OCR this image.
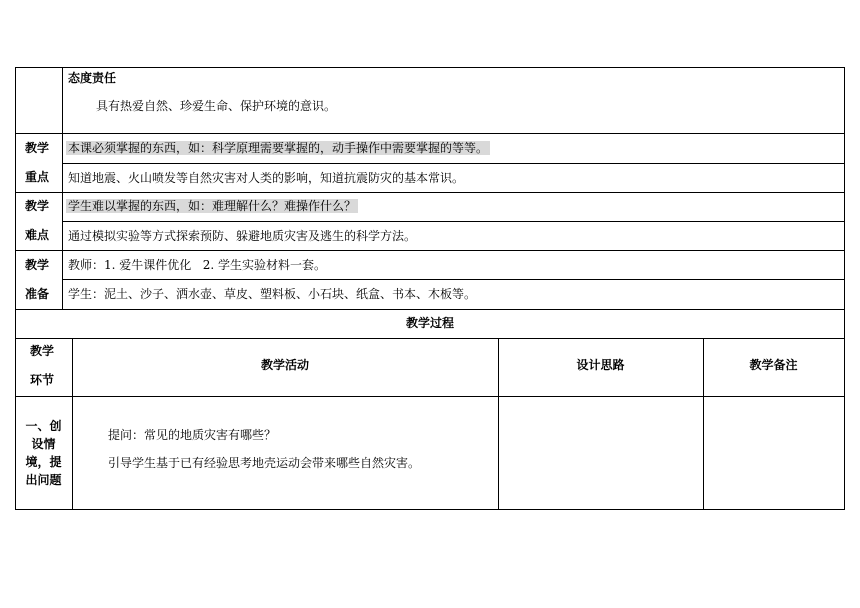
态度责任
具有热爱自然、珍爱生命、保护环境的意识。
教学
重点
本课必须掌握的东西，如：科学原理需要掌握的，动手操作中需要掌握的等等。
知道地震、火山喷发等自然灾害对人类的影响，知道抗震防灾的基本常识。
教学
难点
学生难以掌握的东西，如：难理解什么？难操作什么？
通过模拟实验等方式探索预防、躲避地质灾害及逃生的科学方法。
教学
准备
教师：1. 爱牛课件优化   2. 学生实验材料一套。
学生：泥土、沙子、洒水壶、草皮、塑料板、小石块、纸盒、书本、木板等。
教学过程
教学
环节
教学活动	设计思路	教学备注
一、创
设情
境，提
出问题
提问：常见的地质灾害有哪些？
引导学生基于已有经验思考地壳运动会带来哪些自然灾害。
